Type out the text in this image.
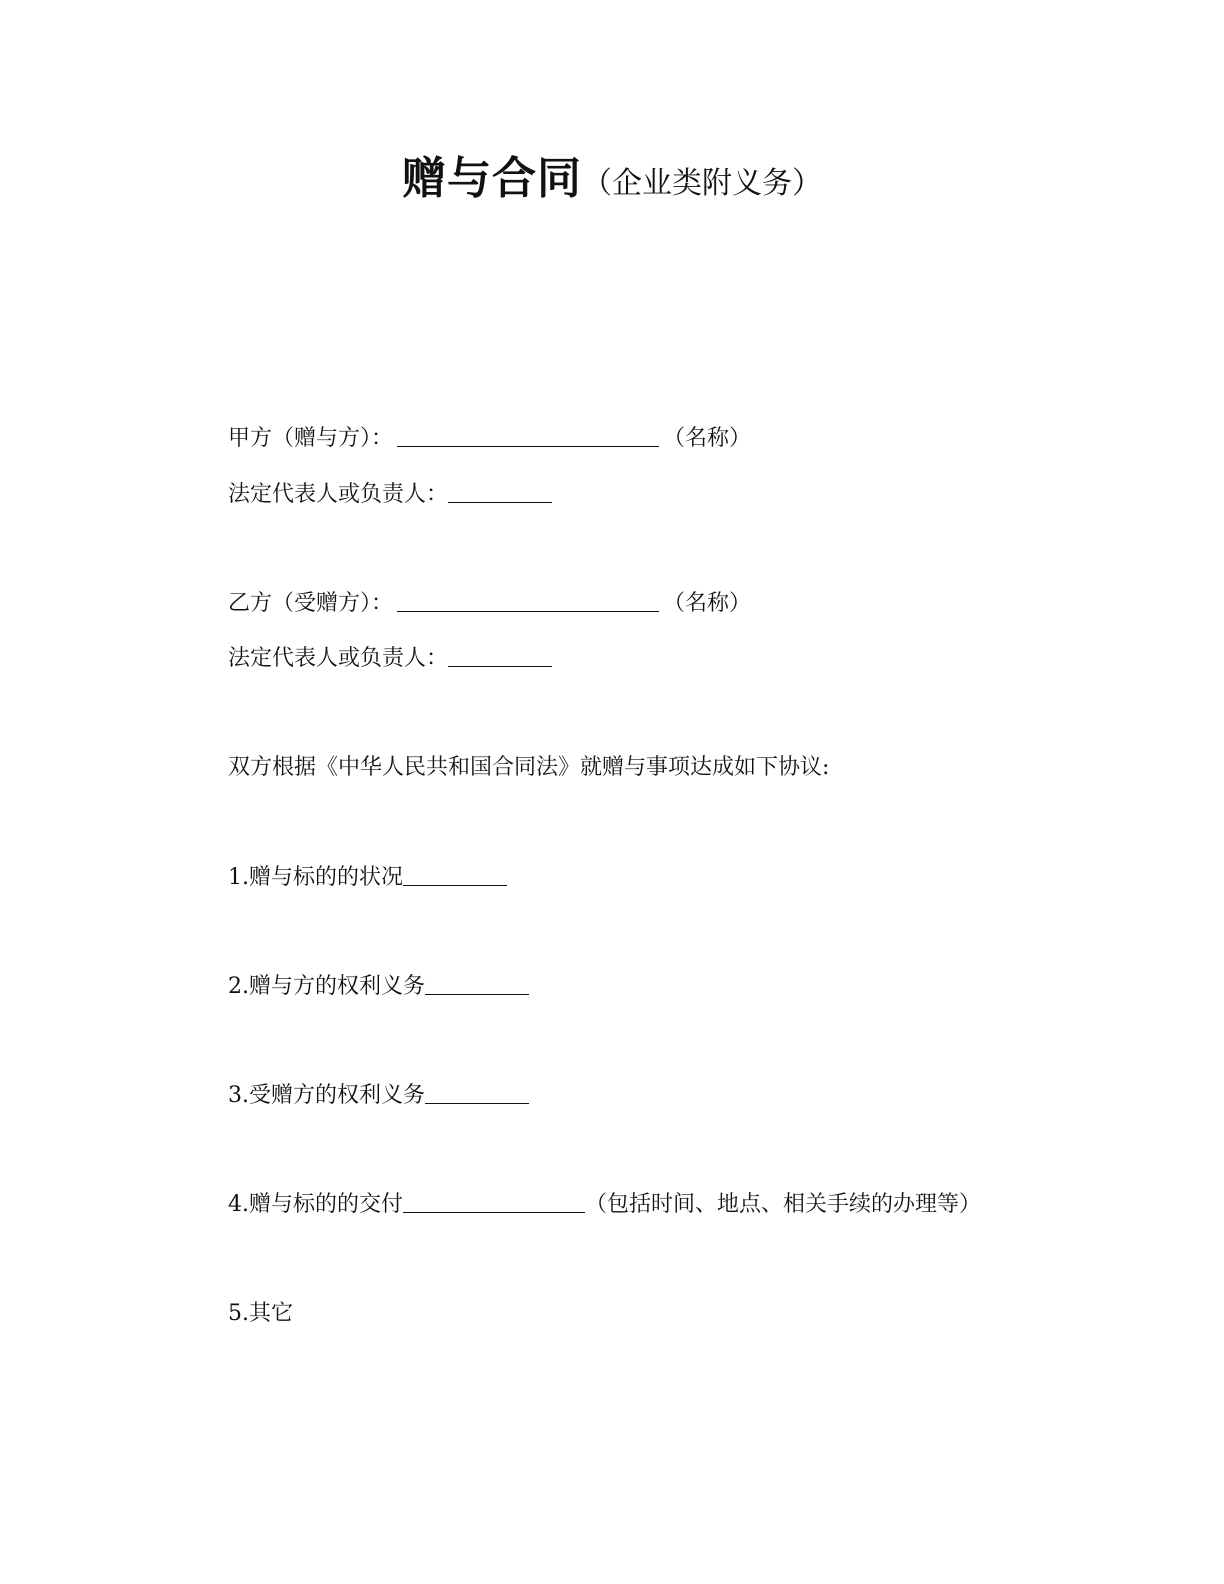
赠与合同（企业类附义务）
甲方（赠与方）：	（名称）
法定代表人或负责人：
乙方（受赠方）：	（名称）
法定代表人或负责人：
双方根据《中华人民共和国合同法》就赠与事项达成如下协议:
1.赠与标的的状况
2.赠与方的权利义务
3.受赠方的权利义务
4.赠与标的的交付	（包括时间、地点、相关手续的办理等）
5.其它
